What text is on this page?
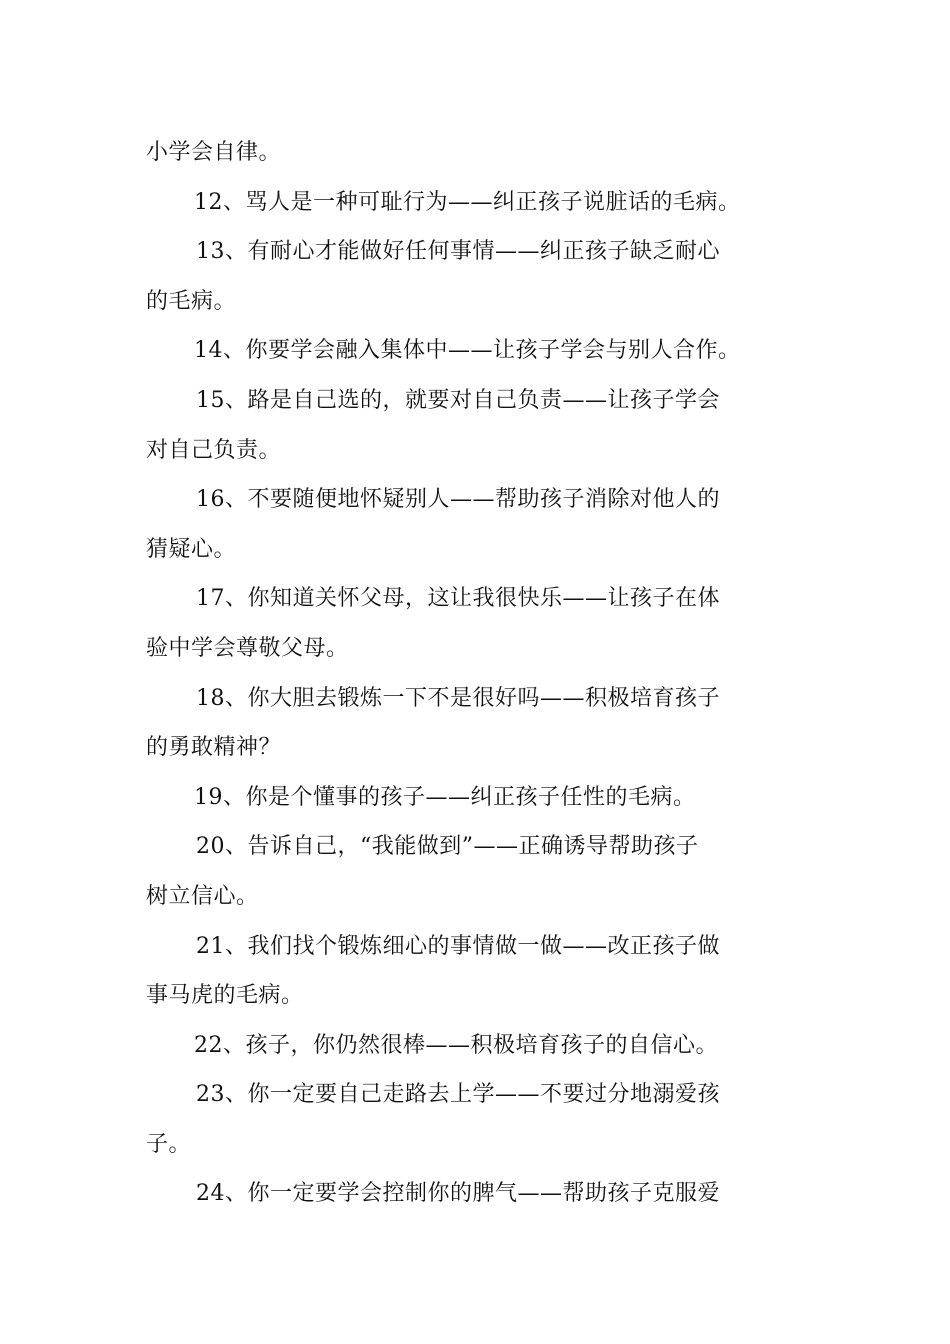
小学会自律。
12、骂人是一种可耻行为——纠正孩子说脏话的毛病。
13、有耐心才能做好任何事情——纠正孩子缺乏耐心
的毛病。
14、你要学会融入集体中——让孩子学会与别人合作。
15、路是自己选的，就要对自己负责——让孩子学会
对自己负责。
16、不要随便地怀疑别人——帮助孩子消除对他人的
猜疑心。
17、你知道关怀父母，这让我很快乐——让孩子在体
验中学会尊敬父母。
18、你大胆去锻炼一下不是很好吗——积极培育孩子
的勇敢精神？
19、你是个懂事的孩子——纠正孩子任性的毛病。
20、告诉自己，“我能做到”——正确诱导帮助孩子
树立信心。
21、我们找个锻炼细心的事情做一做——改正孩子做
事马虎的毛病。
22、孩子，你仍然很棒——积极培育孩子的自信心。
23、你一定要自己走路去上学——不要过分地溺爱孩
子。
24、你一定要学会控制你的脾气——帮助孩子克服爱
